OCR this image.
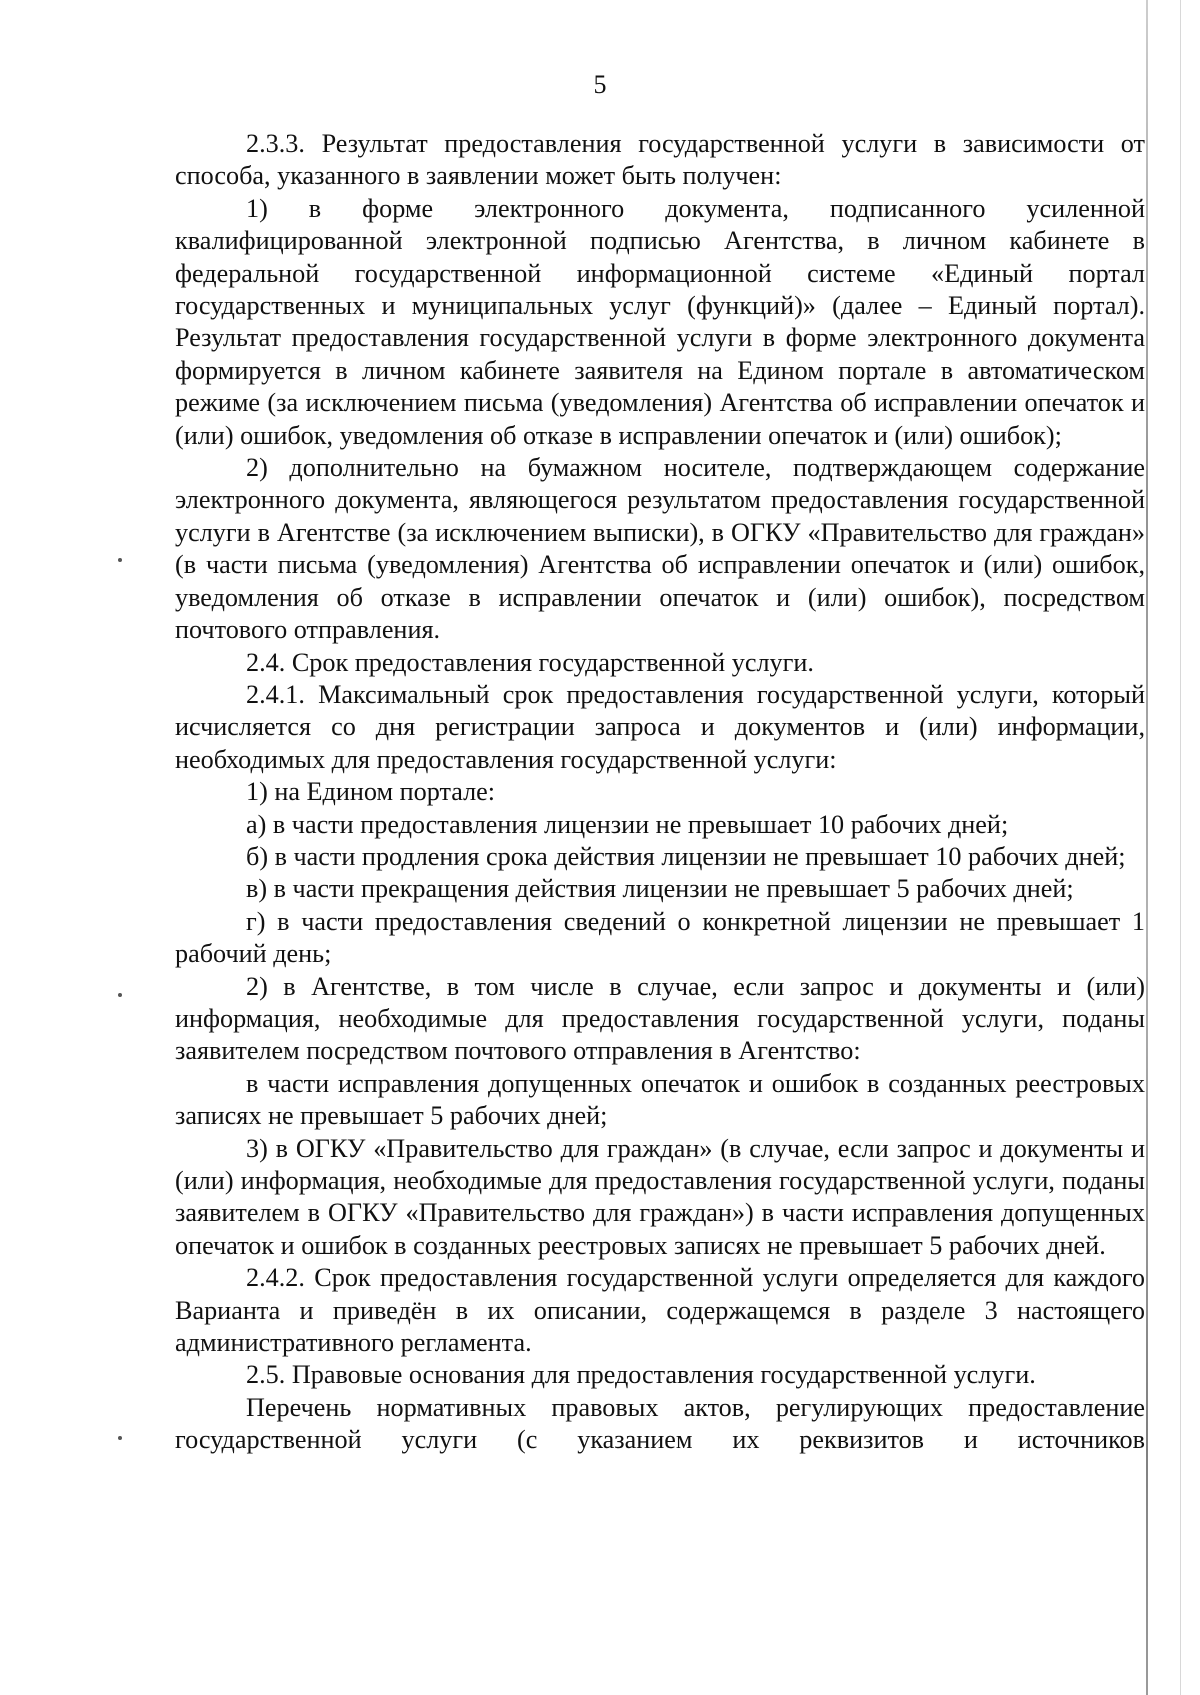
5

2.3.3. Результат предоставления государственной услуги в зависимости от способа, указанного в заявлении может быть получен:

1) в форме электронного документа, подписанного усиленной квалифицированной электронной подписью Агентства, в личном кабинете в федеральной государственной информационной системе «Единый портал государственных и муниципальных услуг (функций)» (далее – Единый портал). Результат предоставления государственной услуги в форме электронного документа формируется в личном кабинете заявителя на Едином портале в автоматическом режиме (за исключением письма (уведомления) Агентства об исправлении опечаток и (или) ошибок, уведомления об отказе в исправлении опечаток и (или) ошибок);

2) дополнительно на бумажном носителе, подтверждающем содержание электронного документа, являющегося результатом предоставления государственной услуги в Агентстве (за исключением выписки), в ОГКУ «Правительство для граждан» (в части письма (уведомления) Агентства об исправлении опечаток и (или) ошибок, уведомления об отказе в исправлении опечаток и (или) ошибок), посредством почтового отправления.

2.4. Срок предоставления государственной услуги.

2.4.1. Максимальный срок предоставления государственной услуги, который исчисляется со дня регистрации запроса и документов и (или) информации, необходимых для предоставления государственной услуги:

1) на Едином портале:

а) в части предоставления лицензии не превышает 10 рабочих дней;

б) в части продления срока действия лицензии не превышает 10 рабочих дней;

в) в части прекращения действия лицензии не превышает 5 рабочих дней;

г) в части предоставления сведений о конкретной лицензии не превышает 1 рабочий день;

2) в Агентстве, в том числе в случае, если запрос и документы и (или) информация, необходимые для предоставления государственной услуги, поданы заявителем посредством почтового отправления в Агентство:

в части исправления допущенных опечаток и ошибок в созданных реестровых записях не превышает 5 рабочих дней;

3) в ОГКУ «Правительство для граждан» (в случае, если запрос и документы и (или) информация, необходимые для предоставления государственной услуги, поданы заявителем в ОГКУ «Правительство для граждан») в части исправления допущенных опечаток и ошибок в созданных реестровых записях не превышает 5 рабочих дней.

2.4.2. Срок предоставления государственной услуги определяется для каждого Варианта и приведён в их описании, содержащемся в разделе 3 настоящего административного регламента.

2.5. Правовые основания для предоставления государственной услуги.

Перечень нормативных правовых актов, регулирующих предоставление государственной услуги (с указанием их реквизитов и источников
